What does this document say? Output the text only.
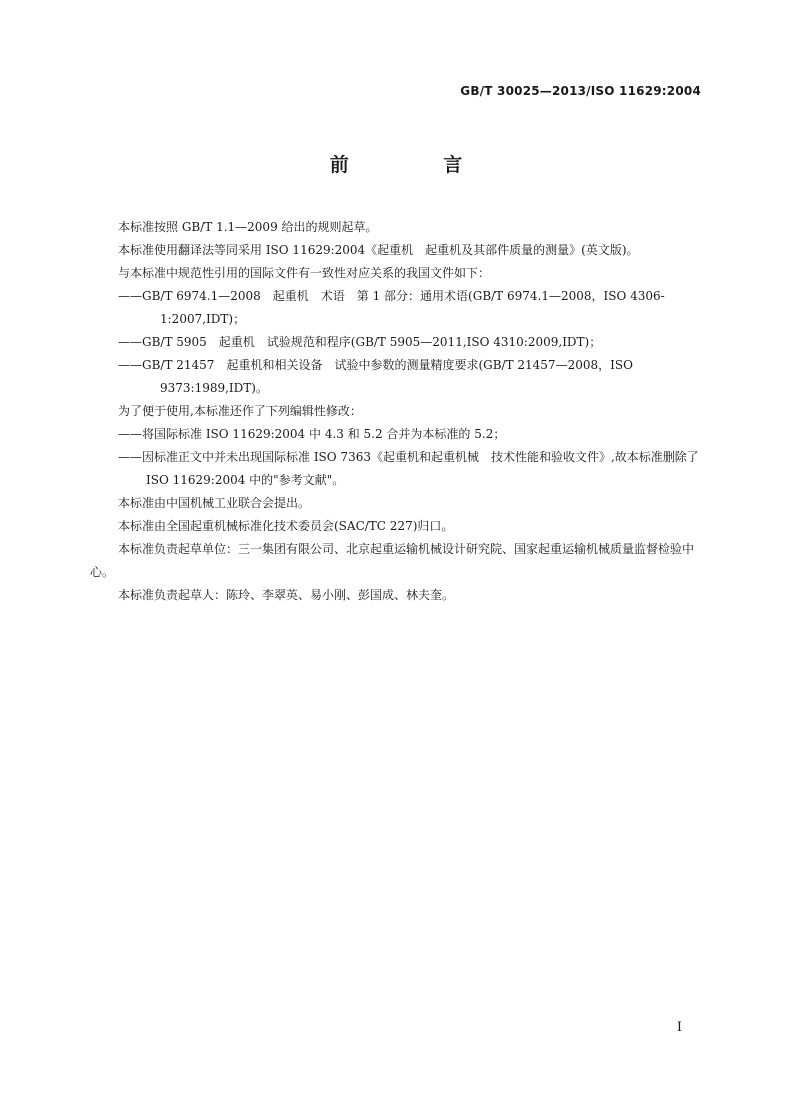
GB/T 30025—2013/ISO 11629:2004
前 言

本标准按照 GB/T 1.1—2009 给出的规则起草。

本标准使用翻译法等同采用 ISO 11629:2004《起重机　起重机及其部件质量的测量》(英文版)。

与本标准中规范性引用的国际文件有一致性对应关系的我国文件如下：

——GB/T 6974.1—2008　起重机　术语　第 1 部分：通用术语(GB/T 6974.1—2008，ISO 4306-1:2007,IDT)；

——GB/T 5905　起重机　试验规范和程序(GB/T 5905—2011,ISO 4310:2009,IDT)；

——GB/T 21457　起重机和相关设备　试验中参数的测量精度要求(GB/T 21457—2008，ISO 9373:1989,IDT)。

为了便于使用,本标准还作了下列编辑性修改：

——将国际标准 ISO 11629:2004 中 4.3 和 5.2 合并为本标准的 5.2；

——因标准正文中并未出现国际标准 ISO 7363《起重机和起重机械　技术性能和验收文件》,故本标准删除了 ISO 11629:2004 中的"参考文献"。

本标准由中国机械工业联合会提出。

本标准由全国起重机械标准化技术委员会(SAC/TC 227)归口。

本标准负责起草单位：三一集团有限公司、北京起重运输机械设计研究院、国家起重运输机械质量监督检验中心。

本标准负责起草人：陈玲、李翠英、易小刚、彭国成、林夫奎。

I
